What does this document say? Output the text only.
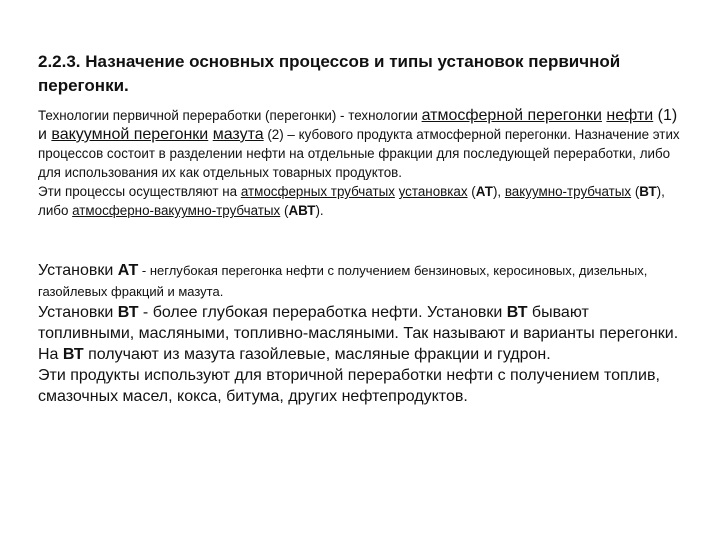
2.2.3. Назначение основных процессов и типы установок первичной перегонки.

Технологии первичной переработки (перегонки) - технологии атмосферной перегонки нефти (1) и вакуумной перегонки мазута (2) – кубового продукта атмосферной перегонки. Назначение этих процессов состоит в разделении нефти на отдельные фракции для последующей переработки, либо для использования их как отдельных товарных продуктов.
Эти процессы осуществляют на атмосферных трубчатых установках (АТ), вакуумно-трубчатых (ВТ), либо атмосферно-вакуумно-трубчатых (АВТ).

Установки АТ - неглубокая перегонка нефти с получением бензиновых, керосиновых, дизельных, газойлевых фракций и мазута.
Установки ВТ - более глубокая переработка нефти. Установки ВТ бывают топливными, масляными, топливно-масляными. Так называют и варианты перегонки.
На ВТ получают из мазута газойлевые, масляные фракции и гудрон.
Эти продукты используют для вторичной переработки нефти с получением топлив, смазочных масел, кокса, битума, других нефтепродуктов.
